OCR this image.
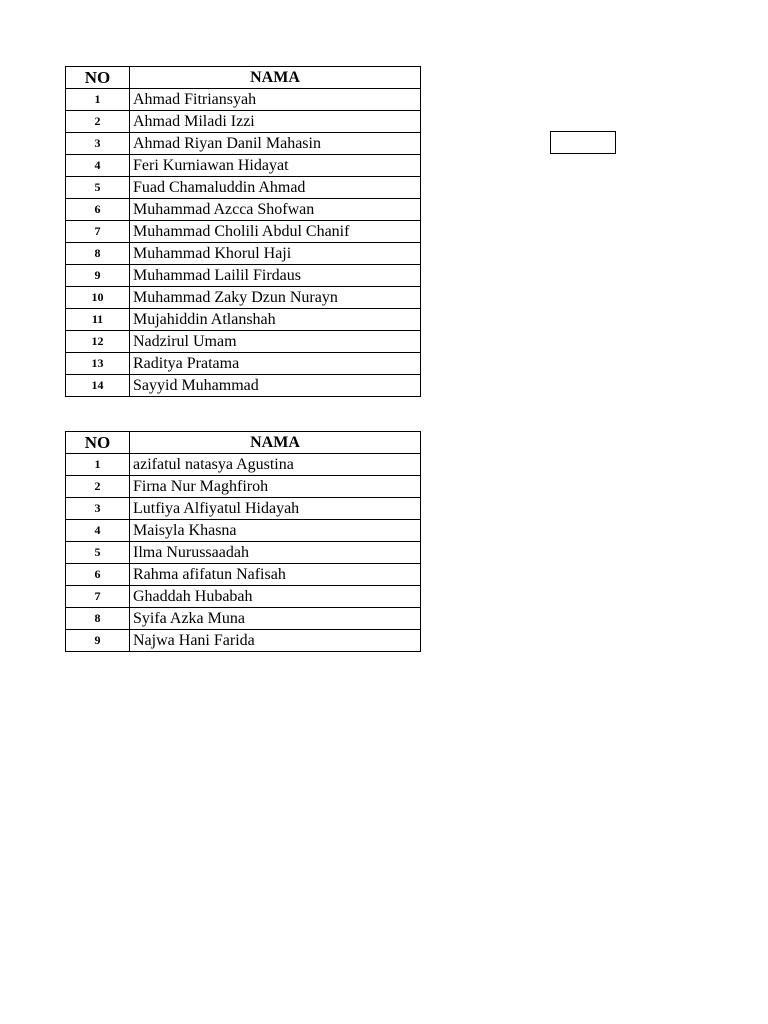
NO	NAMA
1	Ahmad Fitriansyah
2	Ahmad Miladi Izzi
3	Ahmad Riyan Danil Mahasin
4	Feri Kurniawan Hidayat
5	Fuad Chamaluddin Ahmad
6	Muhammad Azcca Shofwan
7	Muhammad Cholili Abdul Chanif
8	Muhammad Khorul Haji
9	Muhammad Lailil Firdaus
10	Muhammad Zaky Dzun Nurayn
11	Mujahiddin Atlanshah
12	Nadzirul Umam
13	Raditya Pratama
14	Sayyid Muhammad
NO	NAMA
1	azifatul natasya Agustina
2	Firna Nur Maghfiroh
3	Lutfiya Alfiyatul Hidayah
4	Maisyla Khasna
5	Ilma Nurussaadah
6	Rahma afifatun Nafisah
7	Ghaddah Hubabah
8	Syifa Azka Muna
9	Najwa Hani Farida
